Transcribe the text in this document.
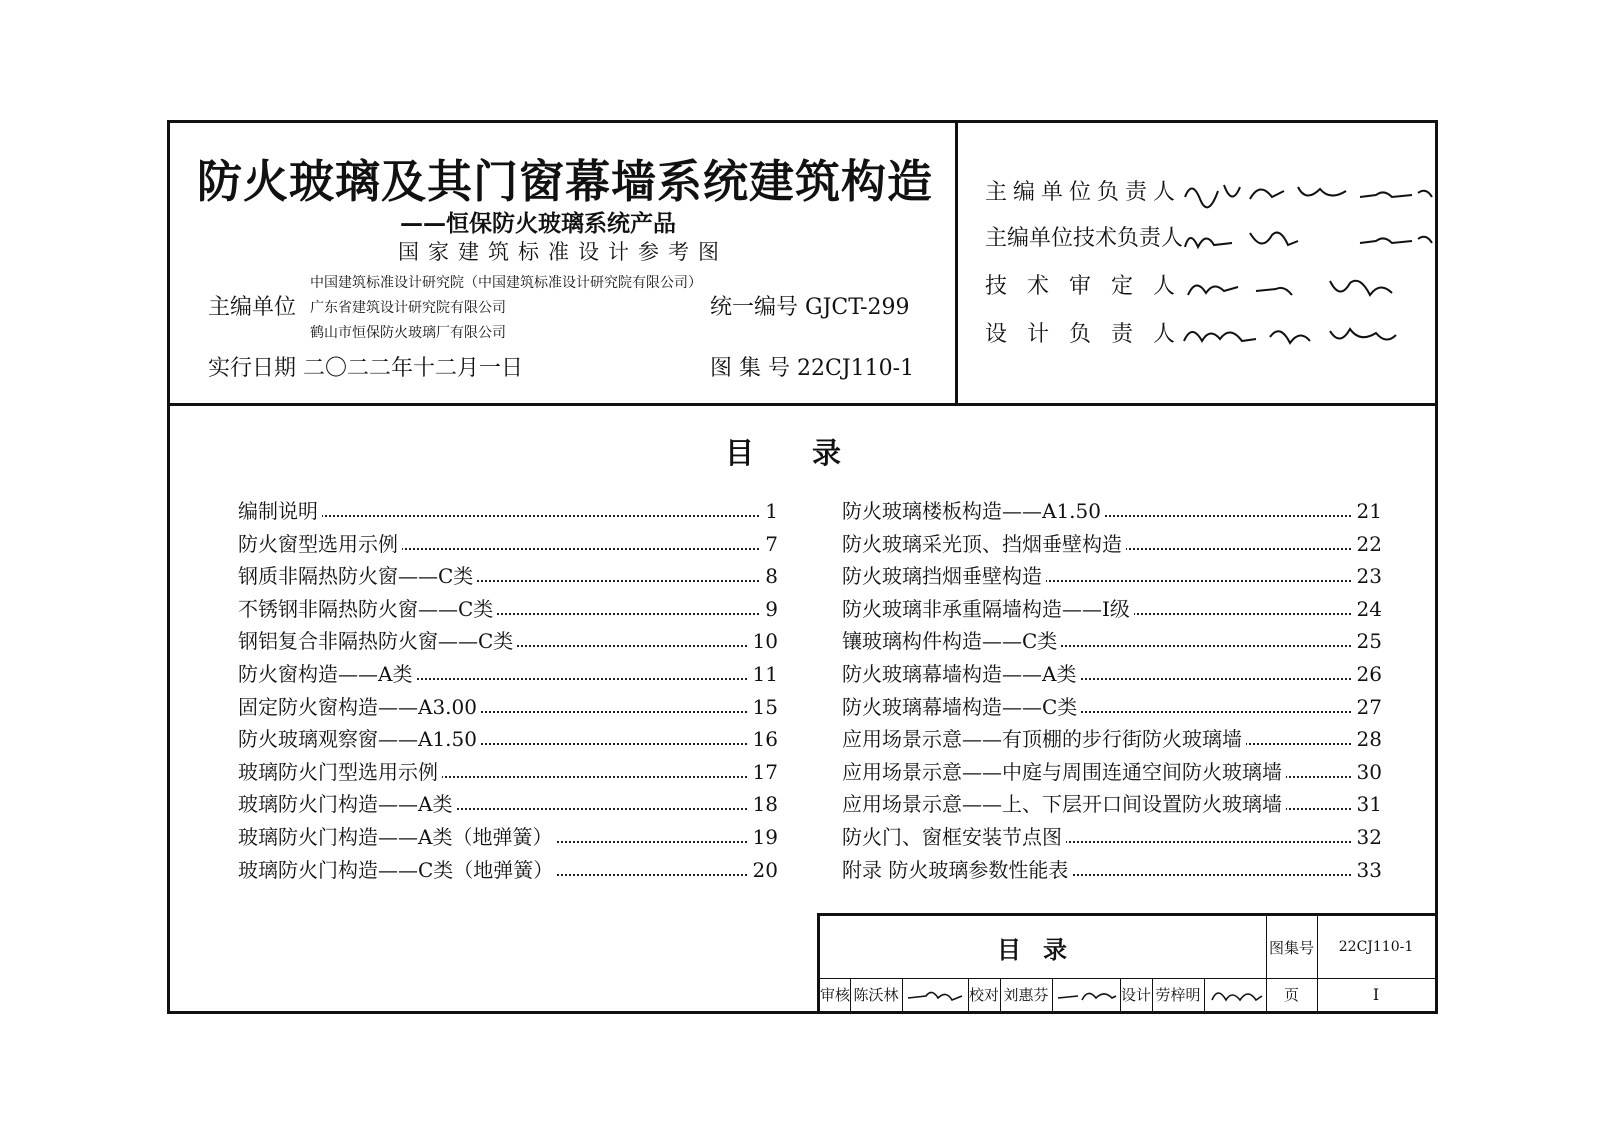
防火玻璃及其门窗幕墙系统建筑构造
——恒保防火玻璃系统产品
国家建筑标准设计参考图
主编单位
中国建筑标准设计研究院（中国建筑标准设计研究院有限公司）
广东省建筑设计研究院有限公司
鹤山市恒保防火玻璃厂有限公司
统一编号 GJCT-299
实行日期 二〇二二年十二月一日	图 集 号 22CJ110-1
主编单位负责人
主编单位技术负责人
技 术 审 定 人
设 计 负 责 人
目录
编制说明	1
防火窗型选用示例	7
钢质非隔热防火窗——C类	8
不锈钢非隔热防火窗——C类	9
钢铝复合非隔热防火窗——C类	10
防火窗构造——A类	11
固定防火窗构造——A3.00	15
防火玻璃观察窗——A1.50	16
玻璃防火门型选用示例	17
玻璃防火门构造——A类	18
玻璃防火门构造——A类（地弹簧）	19
玻璃防火门构造——C类（地弹簧）	20
防火玻璃楼板构造——A1.50	21
防火玻璃采光顶、挡烟垂壁构造	22
防火玻璃挡烟垂壁构造	23
防火玻璃非承重隔墙构造——Ⅰ级	24
镶玻璃构件构造——C类	25
防火玻璃幕墙构造——A类	26
防火玻璃幕墙构造——C类	27
应用场景示意——有顶棚的步行街防火玻璃墙	28
应用场景示意——中庭与周围连通空间防火玻璃墙	30
应用场景示意——上、下层开口间设置防火玻璃墙	31
防火门、窗框安装节点图	32
附录 防火玻璃参数性能表	33
目录	图集号	22CJ110-1
审核 陈沃林	校对 刘惠芬	设计 劳梓明	页	I
